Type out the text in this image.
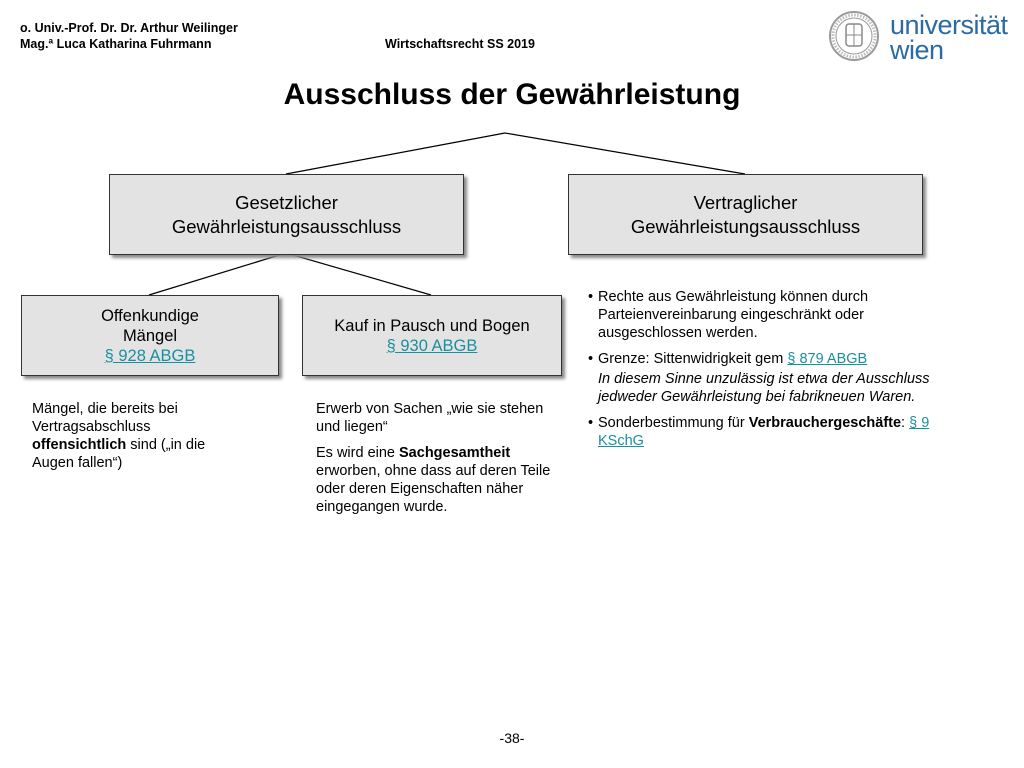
o. Univ.-Prof. Dr. Dr. Arthur Weilinger
Mag.ª Luca Katharina Fuhrmann	Wirtschaftsrecht SS 2019
universität
wien
Ausschluss der Gewährleistung
Gesetzlicher
Gewährleistungsausschluss
Vertraglicher
Gewährleistungsausschluss
Offenkundige
Mängel
§ 928 ABGB
Kauf in Pausch und Bogen
§ 930 ABGB

Mängel, die bereits bei Vertragsabschluss offensichtlich sind („in die Augen fallen“)

Erwerb von Sachen „wie sie stehen und liegen“

Es wird eine Sachgesamtheit erworben, ohne dass auf deren Teile oder deren Eigenschaften näher eingegangen wurde.

• Rechte aus Gewährleistung können durch Parteienvereinbarung eingeschränkt oder ausgeschlossen werden.
• Grenze: Sittenwidrigkeit gem § 879 ABGB
In diesem Sinne unzulässig ist etwa der Ausschluss jedweder Gewährleistung bei fabrikneuen Waren.
• Sonderbestimmung für Verbrauchergeschäfte: § 9 KSchG
-38-
